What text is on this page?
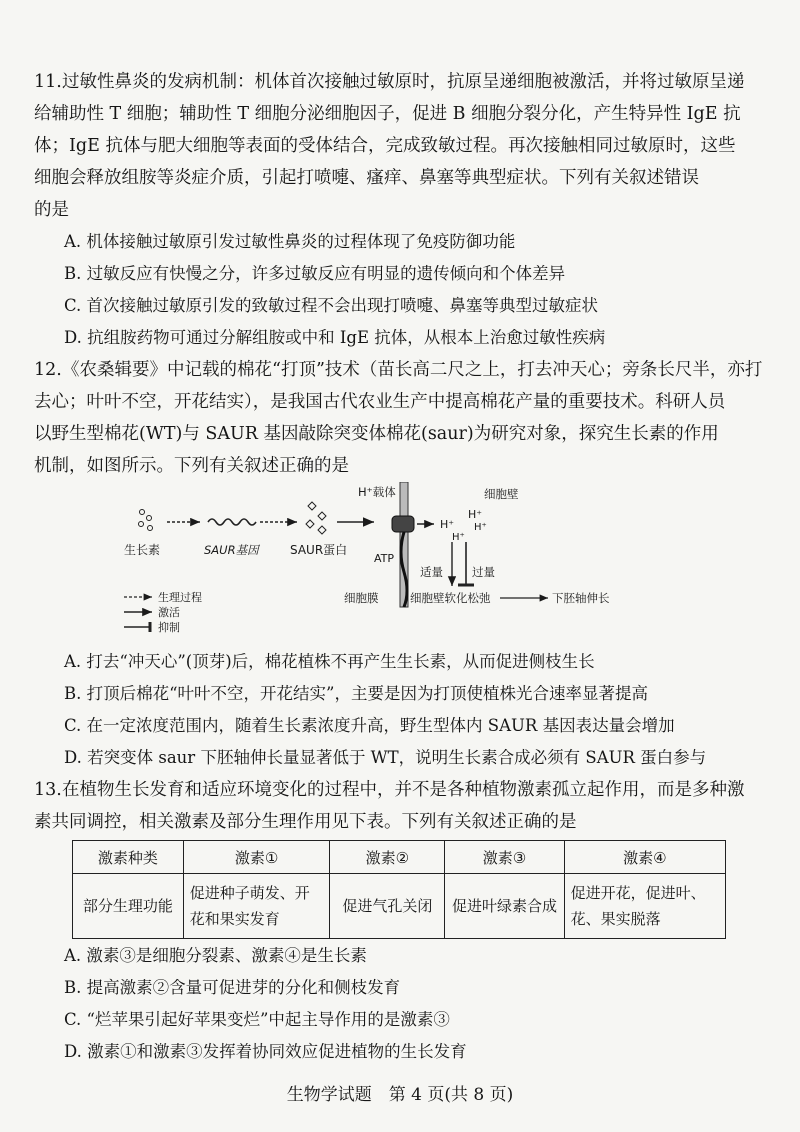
11. 过敏性鼻炎的发病机制：机体首次接触过敏原时，抗原呈递细胞被激活，并将过敏原呈递
给辅助性 T 细胞；辅助性 T 细胞分泌细胞因子，促进 B 细胞分裂分化，产生特异性 IgE 抗
体；IgE 抗体与肥大细胞等表面的受体结合，完成致敏过程。再次接触相同过敏原时，这些
细胞会释放组胺等炎症介质，引起打喷嚏、瘙痒、鼻塞等典型症状。下列有关叙述错误
的是
A. 机体接触过敏原引发过敏性鼻炎的过程体现了免疫防御功能
B. 过敏反应有快慢之分，许多过敏反应有明显的遗传倾向和个体差异
C. 首次接触过敏原引发的致敏过程不会出现打喷嚏、鼻塞等典型过敏症状
D. 抗组胺药物可通过分解组胺或中和 IgE 抗体，从根本上治愈过敏性疾病
12. 《农桑辑要》中记载的棉花“打顶”技术（苗长高二尺之上，打去冲天心；旁条长尺半，亦打
去心；叶叶不空，开花结实），是我国古代农业生产中提高棉花产量的重要技术。科研人员
以野生型棉花(WT)与 SAUR 基因敲除突变体棉花(saur)为研究对象，探究生长素的作用
机制，如图所示。下列有关叙述正确的是
生长素	SAUR基因	SAUR蛋白
H⁺载体
ATP
细胞膜
H⁺
H⁺
H⁺
H⁺
细胞壁
适量	过量
细胞壁软化松弛	下胚轴伸长
生理过程
激活
抑制
A. 打去“冲天心”(顶芽)后，棉花植株不再产生生长素，从而促进侧枝生长
B. 打顶后棉花“叶叶不空，开花结实”，主要是因为打顶使植株光合速率显著提高
C. 在一定浓度范围内，随着生长素浓度升高，野生型体内 SAUR 基因表达量会增加
D. 若突变体 saur 下胚轴伸长量显著低于 WT，说明生长素合成必须有 SAUR 蛋白参与
13. 在植物生长发育和适应环境变化的过程中，并不是各种植物激素孤立起作用，而是多种激
素共同调控，相关激素及部分生理作用见下表。下列有关叙述正确的是
激素种类	激素①	激素②	激素③	激素④
部分生理功能	促进种子萌发、开花和果实发育	促进气孔关闭	促进叶绿素合成	促进开花，促进叶、花、果实脱落
A. 激素③是细胞分裂素、激素④是生长素
B. 提高激素②含量可促进芽的分化和侧枝发育
C. “烂苹果引起好苹果变烂”中起主导作用的是激素③
D. 激素①和激素③发挥着协同效应促进植物的生长发育
生物学试题　第 4 页(共 8 页)
